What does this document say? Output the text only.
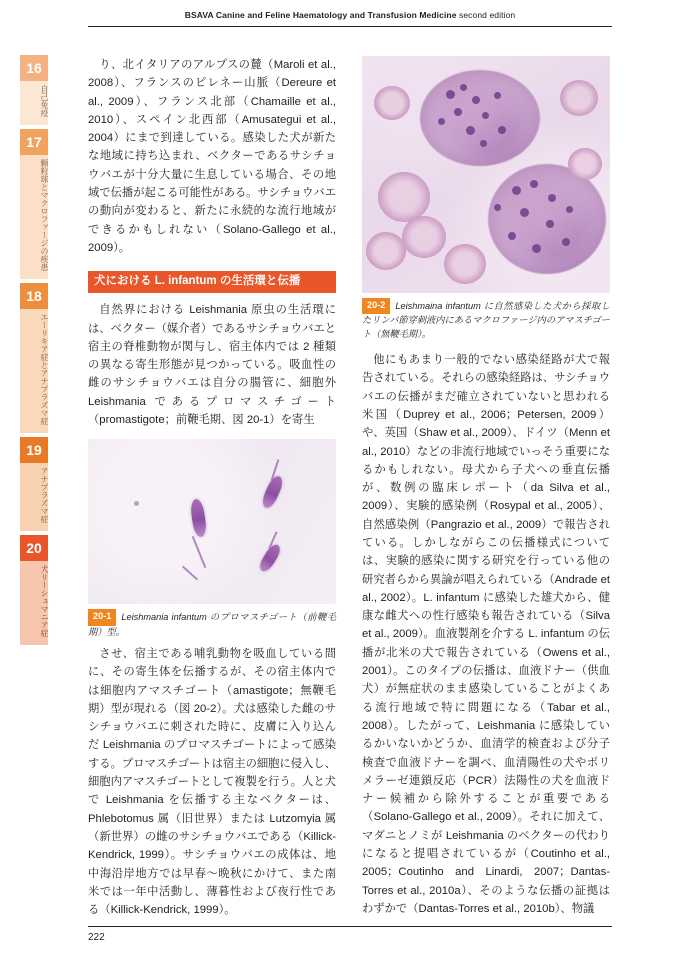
BSAVA Canine and Feline Haematology and Transfusion Medicine second edition
16
自己免疫
17
顆粒球とマクロファージの疾患
18
エーリキア症とアナプラズマ症
19
アナプラズマ症
20
犬リーシュマニア症

り、北イタリアのアルプスの麓（Maroli et al., 2008）、フランスのピレネー山脈（Dereure et al., 2009）、フランス北部（Chamaille et al., 2010）、スペイン北西部（Amusategui et al., 2004）にまで到達している。感染した犬が新たな地域に持ち込まれ、ベクターであるサシチョウバエが十分大量に生息している場合、その地域で伝播が起こる可能性がある。サシチョウバエの動向が変わると、新たに永続的な流行地域ができるかもしれない（Solano-Gallego et al., 2009）。

犬における L. infantum の生活環と伝播

自然界における Leishmania 原虫の生活環には、ベクター（媒介者）であるサシチョウバエと宿主の脊椎動物が関与し、宿主体内では 2 種類の異なる寄生形態が見つかっている。吸血性の雌のサシチョウバエは自分の腸管に、細胞外 Leishmania であるプロマスチゴート（promastigote；前鞭毛期、図 20-1）を寄生

20-1 Leishmania infantum のプロマスチゴート（前鞭毛期）型。

させ、宿主である哺乳動物を吸血している間に、その寄生体を伝播するが、その宿主体内では細胞内アマスチゴート（amastigote；無鞭毛期）型が現れる（図 20-2）。犬は感染した雌のサシチョウバエに刺された時に、皮膚に入り込んだ Leishmania のプロマスチゴートによって感染する。プロマスチゴートは宿主の細胞に侵入し、細胞内アマスチゴートとして複製を行う。人と犬で Leishmania を伝播する主なベクターは、Phlebotomus 属（旧世界）または Lutzomyia 属（新世界）の雌のサシチョウバエである（Killick-Kendrick, 1999）。サシチョウバエの成体は、地中海沿岸地方では早春～晩秋にかけて、また南米では一年中活動し、薄暮性および夜行性である（Killick-Kendrick, 1999）。

20-2 Leishmaina infantum に自然感染した犬から採取したリンパ節穿刺液内にあるマクロファージ内のアマスチゴート（無鞭毛期）。

他にもあまり一般的でない感染経路が犬で報告されている。それらの感染経路は、サシチョウバエの伝播がまだ確立されていないと思われる米国（Duprey et al., 2006；Petersen, 2009）や、英国（Shaw et al., 2009）、ドイツ（Menn et al., 2010）などの非流行地域でいっそう重要になるかもしれない。母犬から子犬への垂直伝播が、数例の臨床レポート（da Silva et al., 2009）、実験的感染例（Rosypal et al., 2005）、自然感染例（Pangrazio et al., 2009）で報告されている。しかしながらこの伝播様式については、実験的感染に関する研究を行っている他の研究者らから異論が唱えられている（Andrade et al., 2002）。L. infantum に感染した雄犬から、健康な雌犬への性行感染も報告されている（Silva et al., 2009）。血液製剤を介する L. infantum の伝播が北米の犬で報告されている（Owens et al., 2001）。このタイプの伝播は、血液ドナー（供血犬）が無症状のまま感染していることがよくある流行地域で特に問題になる（Tabar et al., 2008）。したがって、Leishmania に感染しているかいないかどうか、血清学的検査および分子検査で血液ドナーを調べ、血清陽性の犬やポリメラーゼ連鎖反応（PCR）法陽性の犬を血液ドナー候補から除外することが重要である（Solano-Gallego et al., 2009）。それに加えて、マダニとノミが Leishmania のベクターの代わりになると提唱されているが（Coutinho et al., 2005；Coutinho and Linardi, 2007；Dantas-Torres et al., 2010a）、そのような伝播の証拠はわずかで（Dantas-Torres et al., 2010b）、物議

222
